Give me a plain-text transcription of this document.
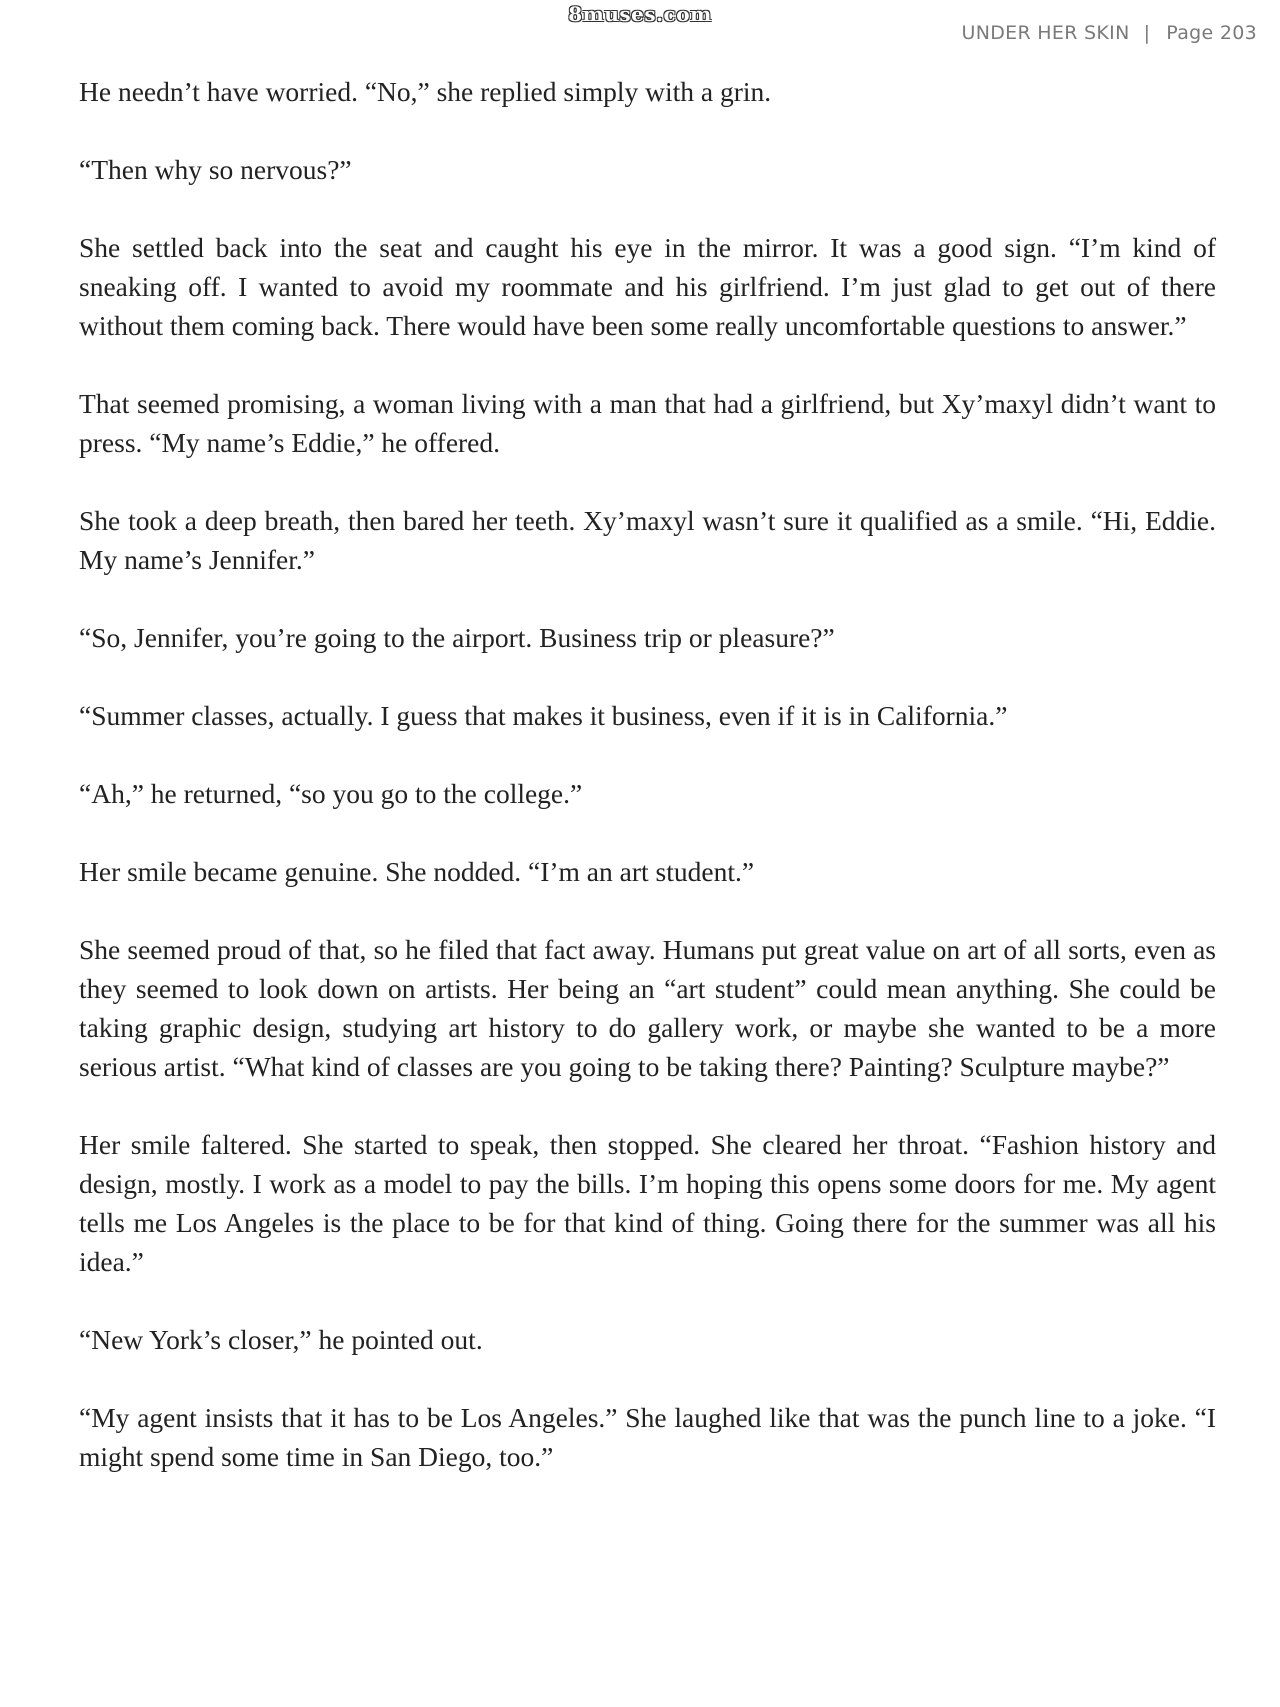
8muses.com
UNDER HER SKIN | Page 203

He needn’t have worried. “No,” she replied simply with a grin.

“Then why so nervous?”

She settled back into the seat and caught his eye in the mirror. It was a good sign. “I’m kind of sneaking off. I wanted to avoid my roommate and his girlfriend. I’m just glad to get out of there without them coming back. There would have been some really uncomfortable questions to answer.”

That seemed promising, a woman living with a man that had a girlfriend, but Xy’maxyl didn’t want to press. “My name’s Eddie,” he offered.

She took a deep breath, then bared her teeth. Xy’maxyl wasn’t sure it qualified as a smile. “Hi, Eddie. My name’s Jennifer.”

“So, Jennifer, you’re going to the airport. Business trip or pleasure?”

“Summer classes, actually. I guess that makes it business, even if it is in California.”

“Ah,” he returned, “so you go to the college.”

Her smile became genuine. She nodded. “I’m an art student.”

She seemed proud of that, so he filed that fact away. Humans put great value on art of all sorts, even as they seemed to look down on artists. Her being an “art student” could mean anything. She could be taking graphic design, studying art history to do gallery work, or maybe she wanted to be a more serious artist. “What kind of classes are you going to be taking there? Painting? Sculpture maybe?”

Her smile faltered. She started to speak, then stopped. She cleared her throat. “Fashion history and design, mostly. I work as a model to pay the bills. I’m hoping this opens some doors for me. My agent tells me Los Angeles is the place to be for that kind of thing. Going there for the summer was all his idea.”

“New York’s closer,” he pointed out.

“My agent insists that it has to be Los Angeles.” She laughed like that was the punch line to a joke. “I might spend some time in San Diego, too.”
